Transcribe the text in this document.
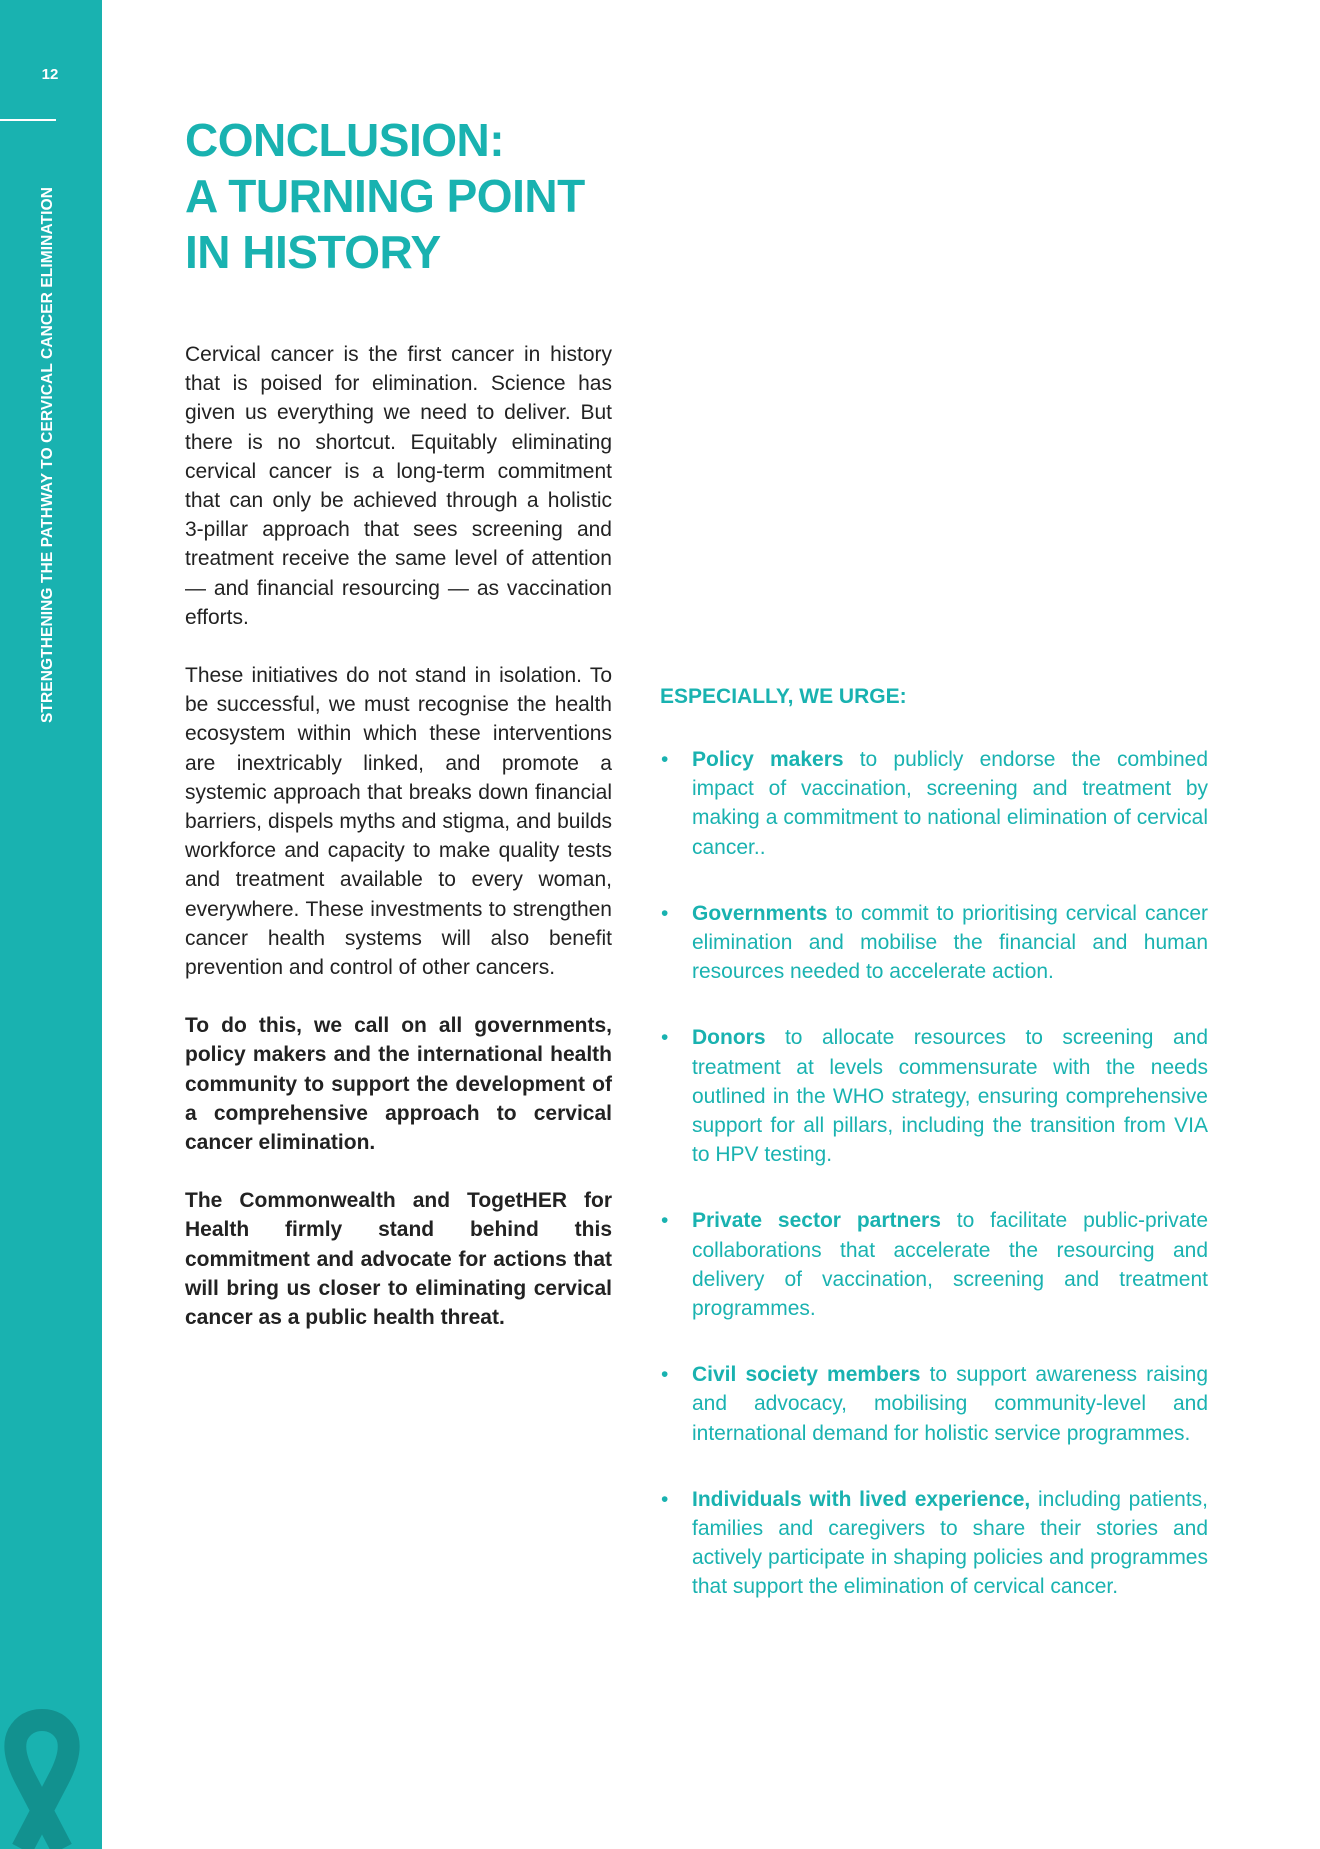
12
STRENGTHENING THE PATHWAY TO CERVICAL CANCER ELIMINATION
CONCLUSION:
A TURNING POINT
IN HISTORY

Cervical cancer is the first cancer in history that is poised for elimination. Science has given us everything we need to deliver. But there is no shortcut. Equitably eliminating cervical cancer is a long-term commitment that can only be achieved through a holistic 3-pillar approach that sees screening and treatment receive the same level of attention — and financial resourcing — as vaccination efforts.

These initiatives do not stand in isolation. To be successful, we must recognise the health ecosystem within which these interventions are inextricably linked, and promote a systemic approach that breaks down financial barriers, dispels myths and stigma, and builds workforce and capacity to make quality tests and treatment available to every woman, everywhere. These investments to strengthen cancer health systems will also benefit prevention and control of other cancers.

To do this, we call on all governments, policy makers and the international health community to support the development of a comprehensive approach to cervical cancer elimination.

The Commonwealth and TogetHER for Health firmly stand behind this commitment and advocate for actions that will bring us closer to eliminating cervical cancer as a public health threat.

ESPECIALLY, WE URGE:
• Policy makers to publicly endorse the combined impact of vaccination, screening and treatment by making a commitment to national elimination of cervical cancer..
• Governments to commit to prioritising cervical cancer elimination and mobilise the financial and human resources needed to accelerate action.
• Donors to allocate resources to screening and treatment at levels commensurate with the needs outlined in the WHO strategy, ensuring comprehensive support for all pillars, including the transition from VIA to HPV testing.
• Private sector partners to facilitate public-private collaborations that accelerate the resourcing and delivery of vaccination, screening and treatment programmes.
• Civil society members to support awareness raising and advocacy, mobilising community-level and international demand for holistic service programmes.
• Individuals with lived experience, including patients, families and caregivers to share their stories and actively participate in shaping policies and programmes that support the elimination of cervical cancer.
